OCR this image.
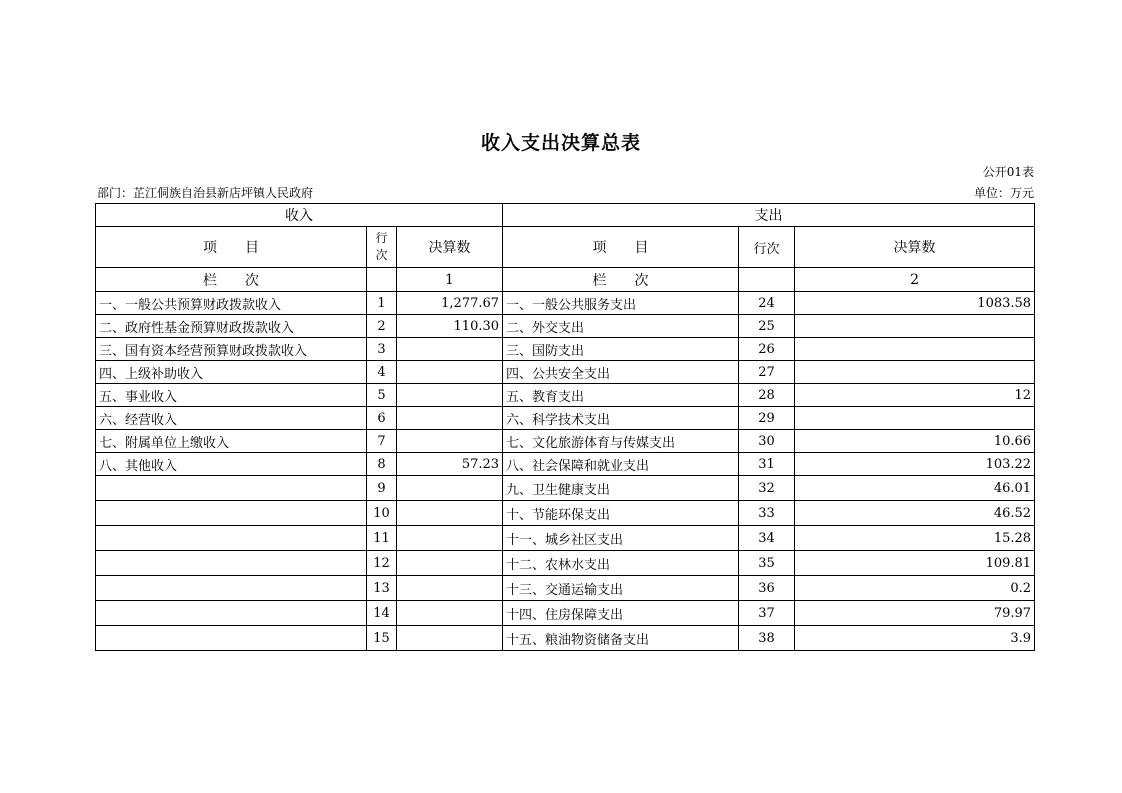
收入支出决算总表
公开01表
部门：芷江侗族自治县新店坪镇人民政府	单位：万元
收入			支出		
项　　目	行
次	决算数	项　　目	行次	决算数
栏　　次		1	栏　　次		2
一、一般公共预算财政拨款收入	1	1,277.67	一、一般公共服务支出	24	1083.58
二、政府性基金预算财政拨款收入	2	110.30	二、外交支出	25	
三、国有资本经营预算财政拨款收入	3		三、国防支出	26	
四、上级补助收入	4		四、公共安全支出	27	
五、事业收入	5		五、教育支出	28	12
六、经营收入	6		六、科学技术支出	29	
七、附属单位上缴收入	7		七、文化旅游体育与传媒支出	30	10.66
八、其他收入	8	57.23	八、社会保障和就业支出	31	103.22
	9		九、卫生健康支出	32	46.01
	10		十、节能环保支出	33	46.52
	11		十一、城乡社区支出	34	15.28
	12		十二、农林水支出	35	109.81
	13		十三、交通运输支出	36	0.2
	14		十四、住房保障支出	37	79.97
	15		十五、粮油物资储备支出	38	3.9
